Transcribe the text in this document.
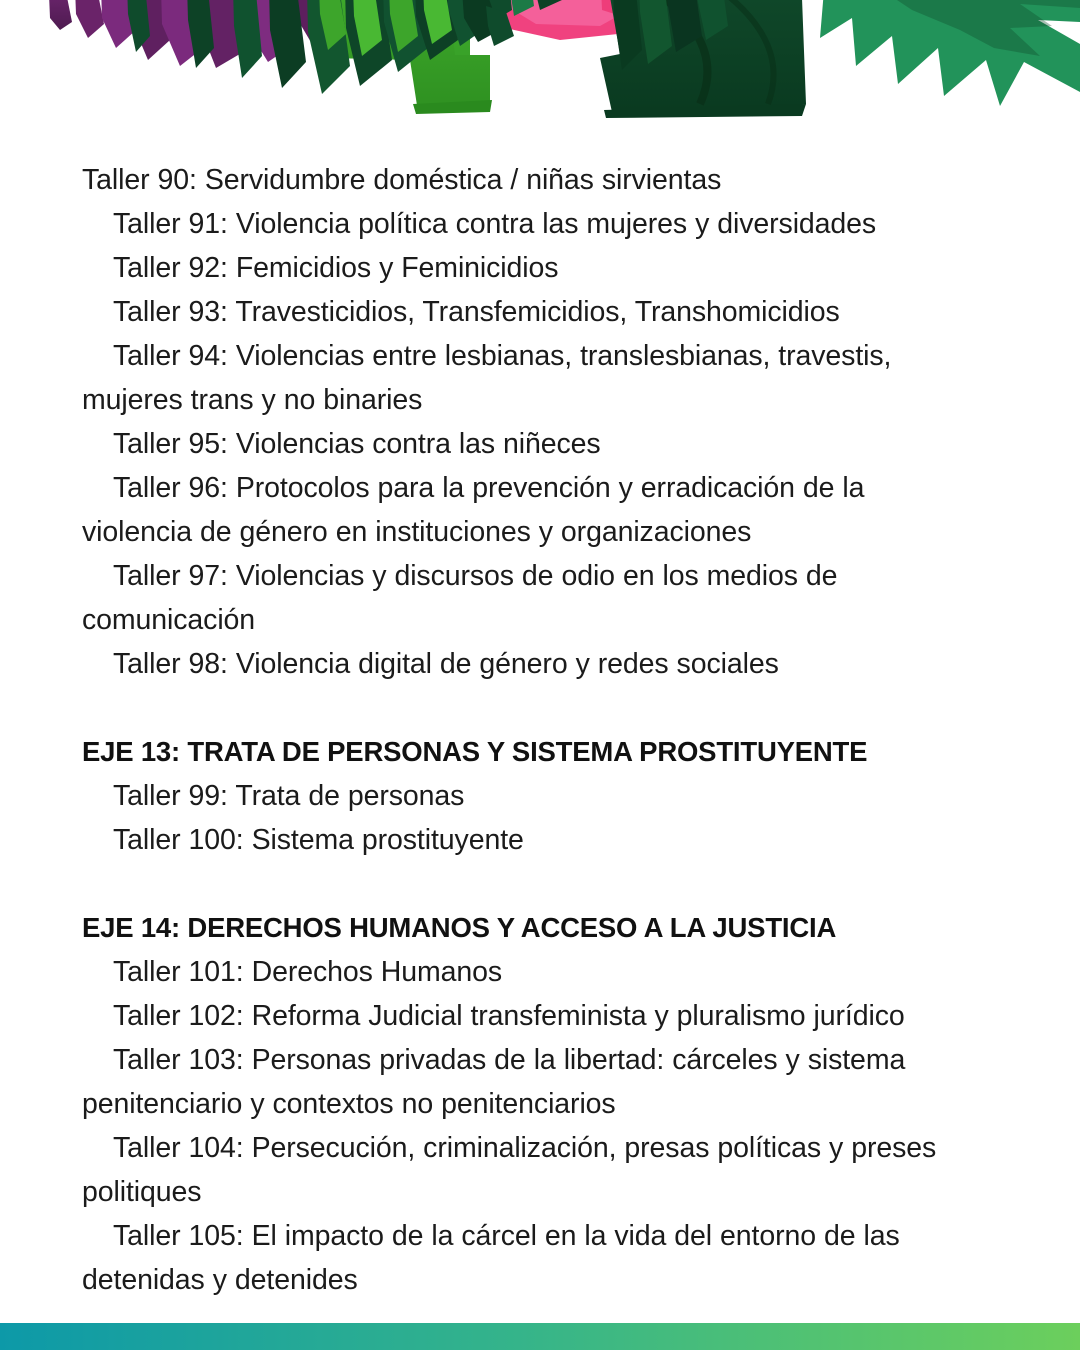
Taller 90: Servidumbre doméstica / niñas sirvientas
Taller 91: Violencia política contra las mujeres y diversidades
Taller 92: Femicidios y Feminicidios
Taller 93: Travesticidios, Transfemicidios, Transhomicidios
Taller 94: Violencias entre lesbianas, translesbianas, travestis, mujeres trans y no binaries
Taller 95: Violencias contra las niñeces
Taller 96: Protocolos para la prevención y erradicación de la violencia de género en instituciones y organizaciones
Taller 97: Violencias y discursos de odio en los medios de comunicación
Taller 98: Violencia digital de género y redes sociales
EJE 13: TRATA DE PERSONAS Y SISTEMA PROSTITUYENTE
Taller 99: Trata de personas
Taller 100: Sistema prostituyente
EJE 14: DERECHOS HUMANOS Y ACCESO A LA JUSTICIA
Taller 101: Derechos Humanos
Taller 102: Reforma Judicial transfeminista y pluralismo jurídico
Taller 103: Personas privadas de la libertad: cárceles y sistema penitenciario y contextos no penitenciarios
Taller 104: Persecución, criminalización, presas políticas y preses politiques
Taller 105: El impacto de la cárcel en la vida del entorno de las detenidas y detenides
